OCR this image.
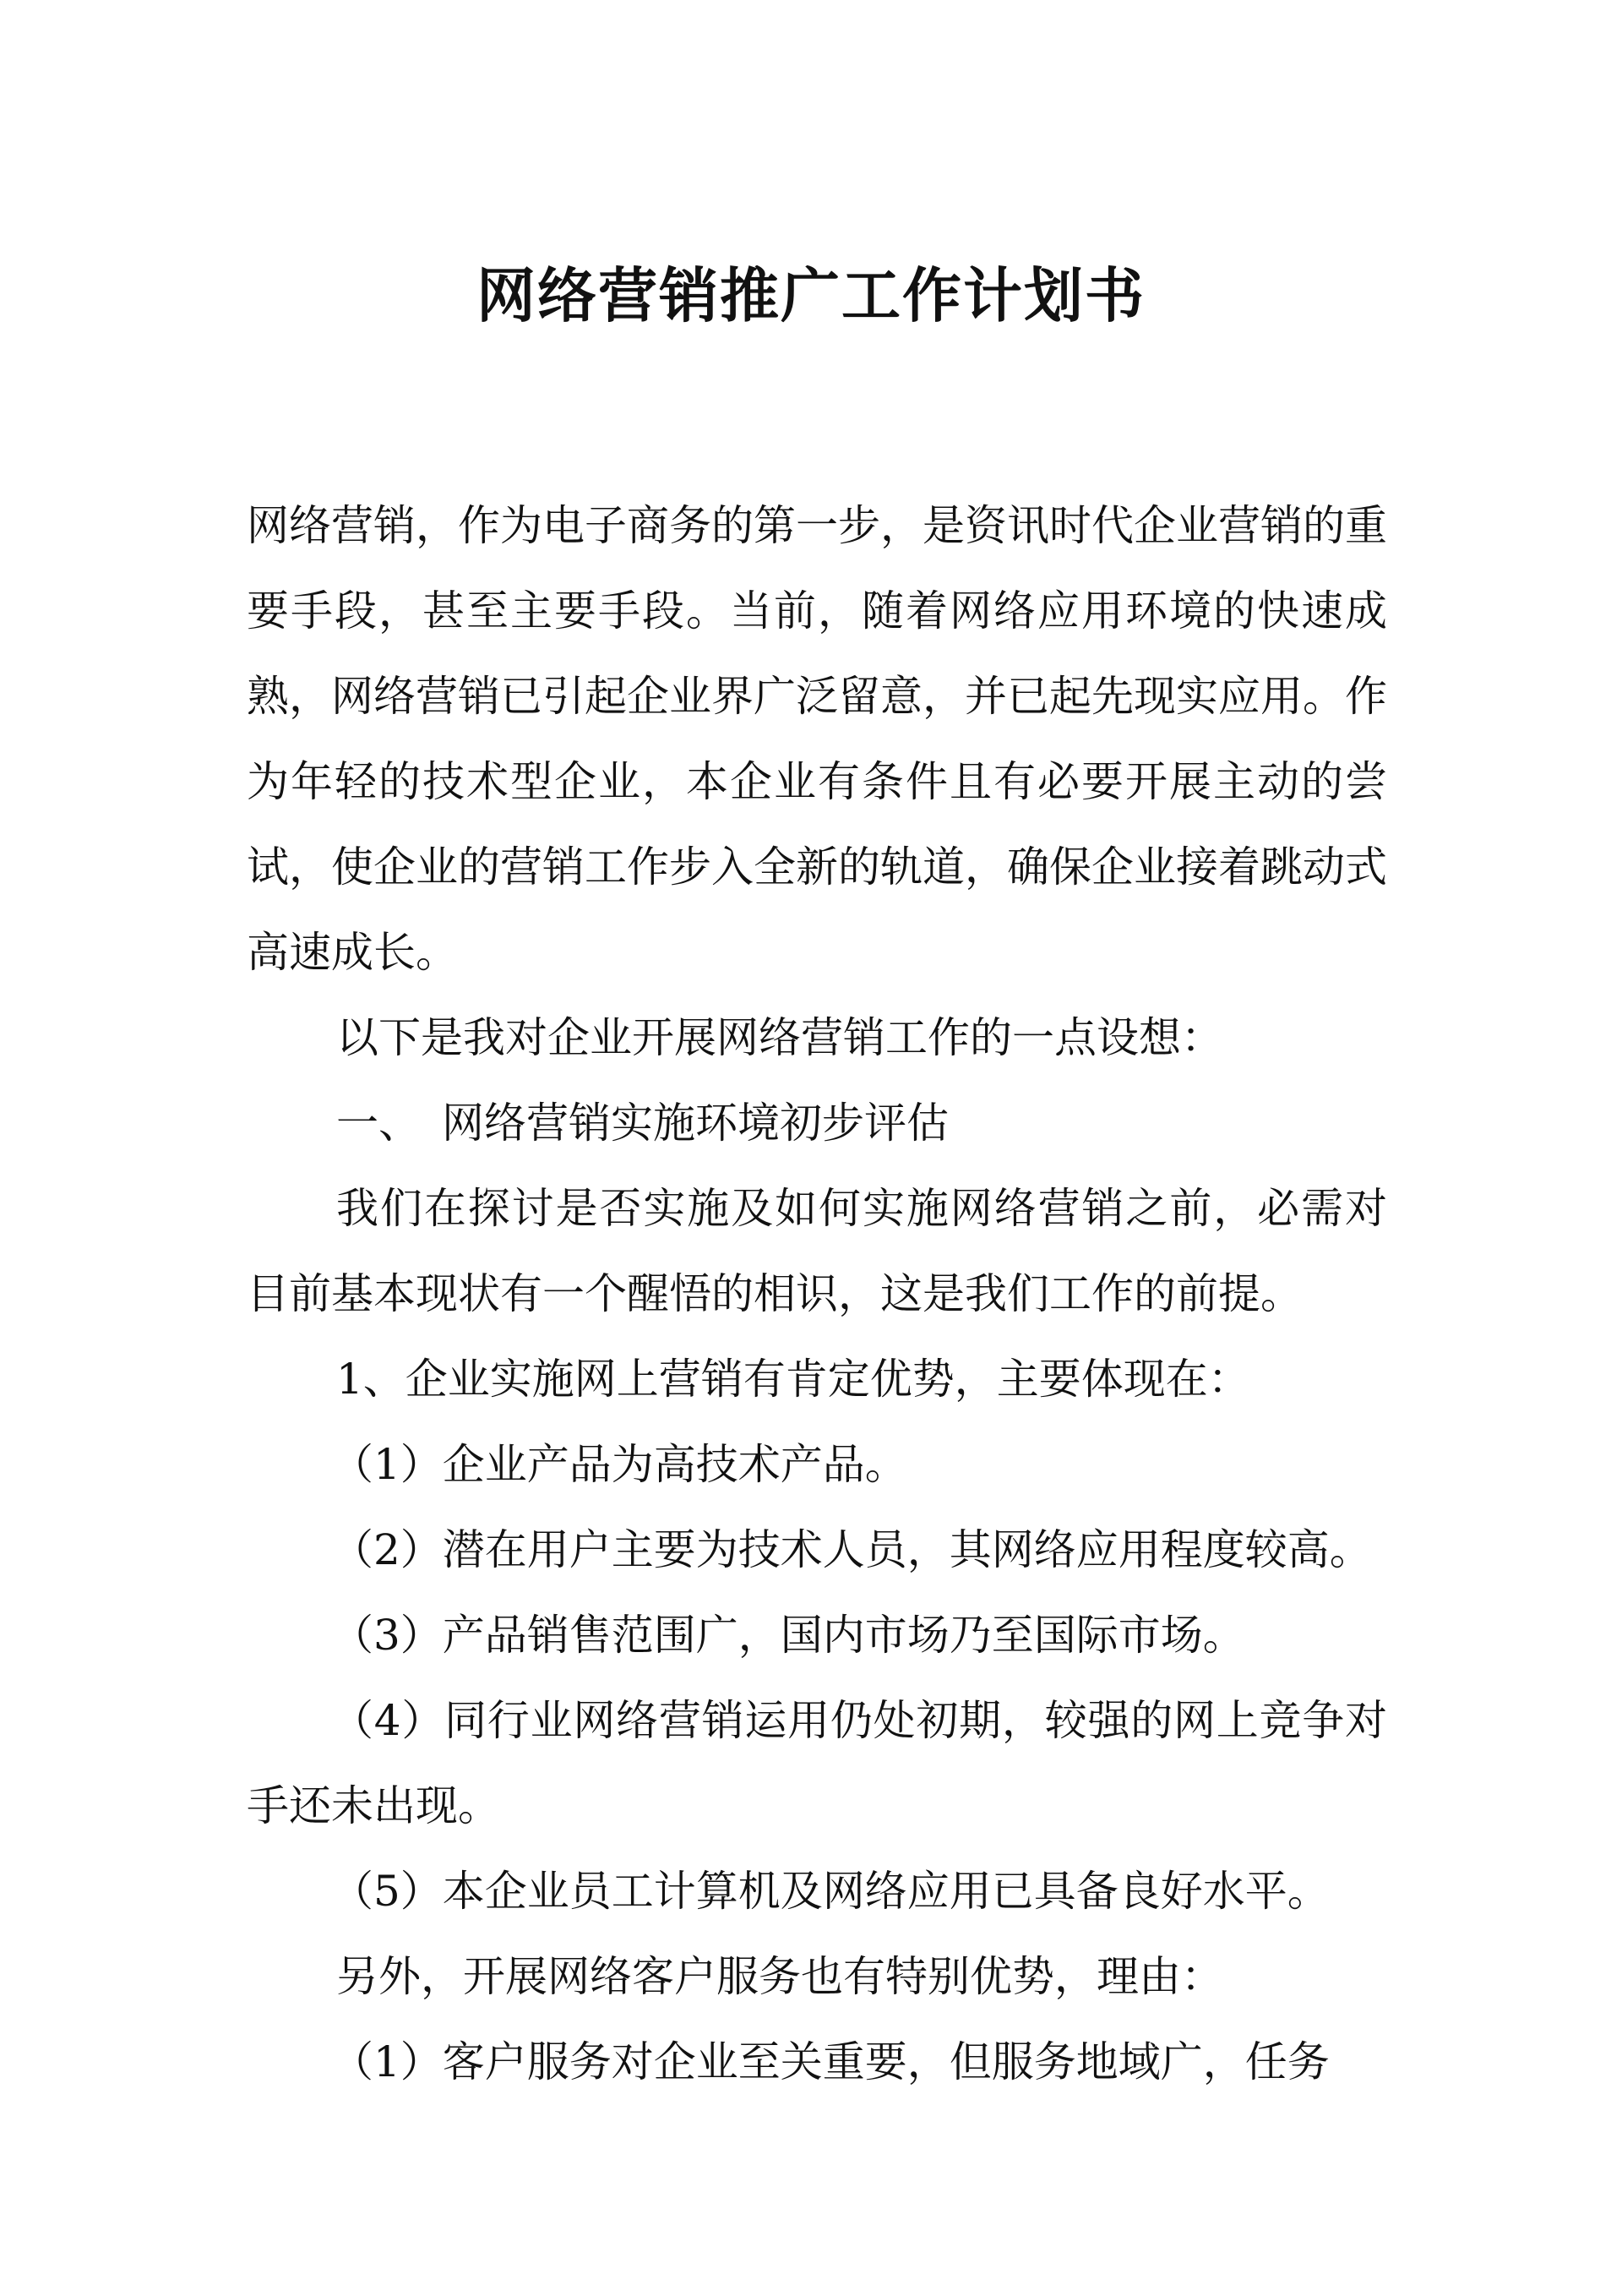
网络营销推广工作计划书

网络营销，作为电子商务的第一步，是资讯时代企业营销的重要手段，甚至主要手段。当前，随着网络应用环境的快速成熟，网络营销已引起企业界广泛留意，并已起先现实应用。作为年轻的技术型企业，本企业有条件且有必要开展主动的尝试，使企业的营销工作步入全新的轨道，确保企业接着跳动式高速成长。

以下是我对企业开展网络营销工作的一点设想：

一、　网络营销实施环境初步评估

我们在探讨是否实施及如何实施网络营销之前，必需对目前基本现状有一个醒悟的相识，这是我们工作的前提。

1、企业实施网上营销有肯定优势，主要体现在：

（1）企业产品为高技术产品。

（2）潜在用户主要为技术人员，其网络应用程度较高。

（3）产品销售范围广，国内市场乃至国际市场。

（4）同行业网络营销运用仍处初期，较强的网上竞争对手还未出现。

（5）本企业员工计算机及网络应用已具备良好水平。

另外，开展网络客户服务也有特别优势，理由：

（1）客户服务对企业至关重要，但服务地域广，任务
